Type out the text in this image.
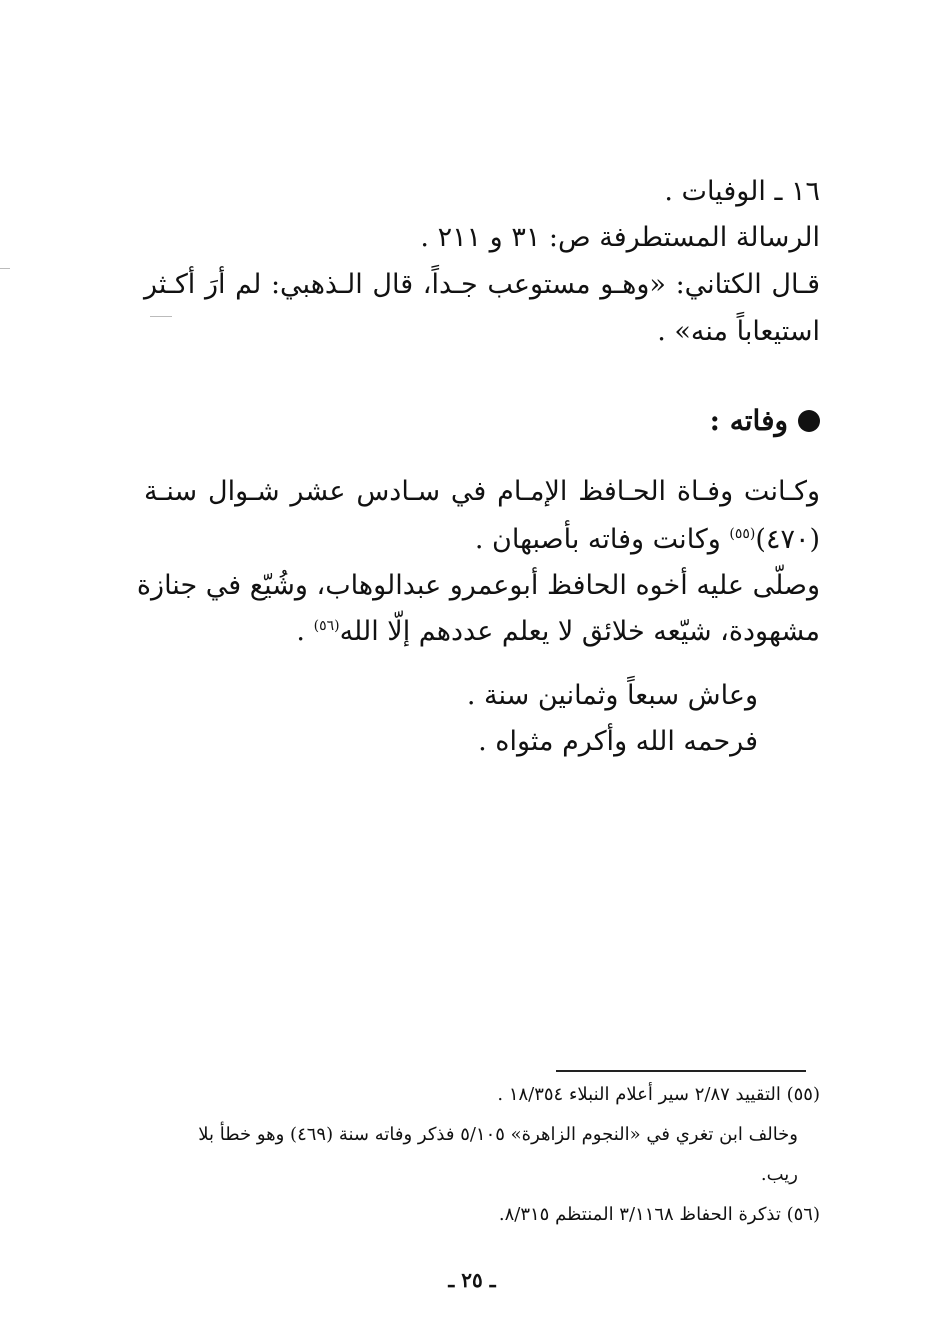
١٦ ـ الوفيات .
الرسالة المستطرفة ص: ٣١ و ٢١١ .
قـال الكتاني: «وهـو مستوعب جـداً، قال الـذهبي: لم أرَ أكـثر
استيعاباً منه» .
وفاته :
وكـانت وفـاة الحـافظ الإمـام في سـادس عشر شـوال سنـة
(٤٧٠)$^{(٥٥)}$ وكانت وفاته بأصبهان .
وصلّى عليه أخوه الحافظ أبوعمرو عبدالوهاب، وشُيّع في جنازة
مشهودة، شيّعه خلائق لا يعلم عددهم إلّا الله$^{(٥٦)}$ .
وعاش سبعاً وثمانين سنة .
فرحمه الله وأكرم مثواه .
(٥٥) التقييد ٢/٨٧ سير أعلام النبلاء ١٨/٣٥٤ .
وخالف ابن تغري في «النجوم الزاهرة» ٥/١٠٥ فذكر وفاته سنة (٤٦٩) وهو خطأ بلا
ريب.
(٥٦) تذكرة الحفاظ ٣/١١٦٨ المنتظم ٨/٣١٥.
ـ ٢٥ ـ
